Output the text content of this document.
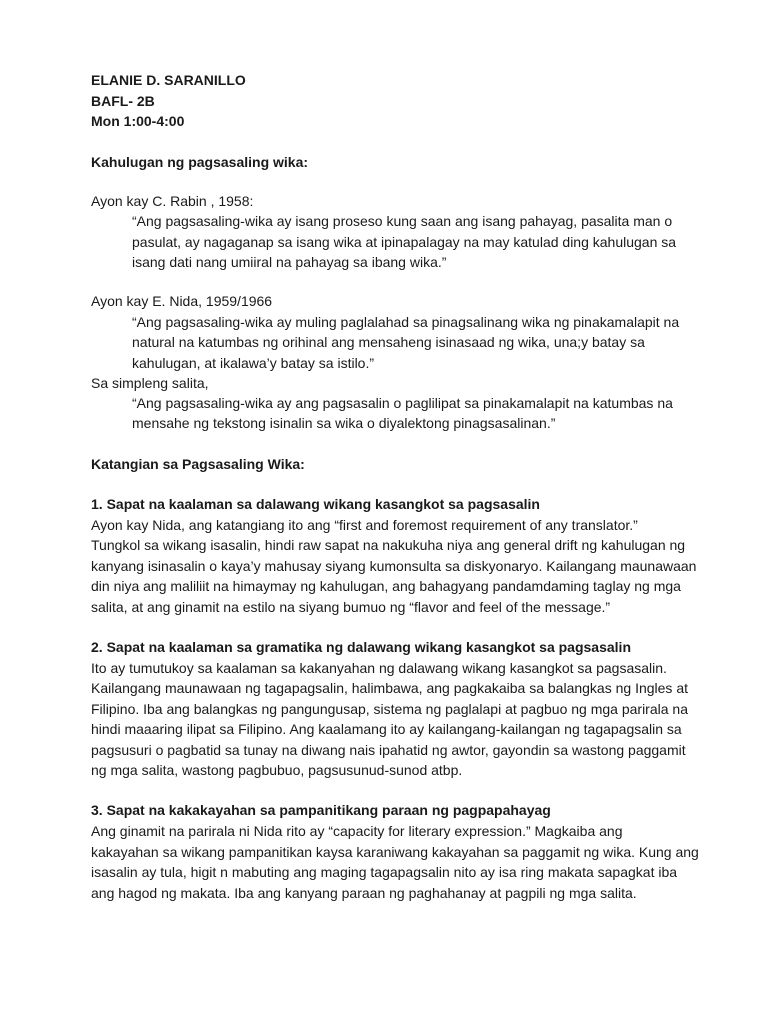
ELANIE D. SARANILLO
BAFL- 2B
Mon 1:00-4:00
Kahulugan ng pagsasaling wika:
Ayon kay C. Rabin , 1958:
“Ang pagsasaling-wika ay isang proseso kung saan ang isang pahayag, pasalita man o
pasulat, ay nagaganap sa isang wika at ipinapalagay na may katulad ding kahulugan sa
isang dati nang umiiral na pahayag sa ibang wika.”
Ayon kay E. Nida, 1959/1966
“Ang pagsasaling-wika ay muling paglalahad sa pinagsalinang wika ng pinakamalapit na
natural na katumbas ng orihinal ang mensaheng isinasaad ng wika, una;y batay sa
kahulugan, at ikalawa’y batay sa istilo.”
Sa simpleng salita,
“Ang pagsasaling-wika ay ang pagsasalin o paglilipat sa pinakamalapit na katumbas na
mensahe ng tekstong isinalin sa wika o diyalektong pinagsasalinan.”
Katangian sa Pagsasaling Wika:
1. Sapat na kaalaman sa dalawang wikang kasangkot sa pagsasalin
Ayon kay Nida, ang katangiang ito ang “first and foremost requirement of any translator.”
Tungkol sa wikang isasalin, hindi raw sapat na nakukuha niya ang general drift ng kahulugan ng
kanyang isinasalin o kaya’y mahusay siyang kumonsulta sa diskyonaryo. Kailangang maunawaan
din niya ang maliliit na himaymay ng kahulugan, ang bahagyang pandamdaming taglay ng mga
salita, at ang ginamit na estilo na siyang bumuo ng “flavor and feel of the message.”
2. Sapat na kaalaman sa gramatika ng dalawang wikang kasangkot sa pagsasalin
Ito ay tumutukoy sa kaalaman sa kakanyahan ng dalawang wikang kasangkot sa pagsasalin.
Kailangang maunawaan ng tagapagsalin, halimbawa, ang pagkakaiba sa balangkas ng Ingles at
Filipino. Iba ang balangkas ng pangungusap, sistema ng paglalapi at pagbuo ng mga parirala na
hindi maaaring ilipat sa Filipino. Ang kaalamang ito ay kailangang-kailangan ng tagapagsalin sa
pagsusuri o pagbatid sa tunay na diwang nais ipahatid ng awtor, gayondin sa wastong paggamit
ng mga salita, wastong pagbubuo, pagsusunud-sunod atbp.
3. Sapat na kakakayahan sa pampanitikang paraan ng pagpapahayag
Ang ginamit na parirala ni Nida rito ay “capacity for literary expression.” Magkaiba ang
kakayahan sa wikang pampanitikan kaysa karaniwang kakayahan sa paggamit ng wika. Kung ang
isasalin ay tula, higit n mabuting ang maging tagapagsalin nito ay isa ring makata sapagkat iba
ang hagod ng makata. Iba ang kanyang paraan ng paghahanay at pagpili ng mga salita.
